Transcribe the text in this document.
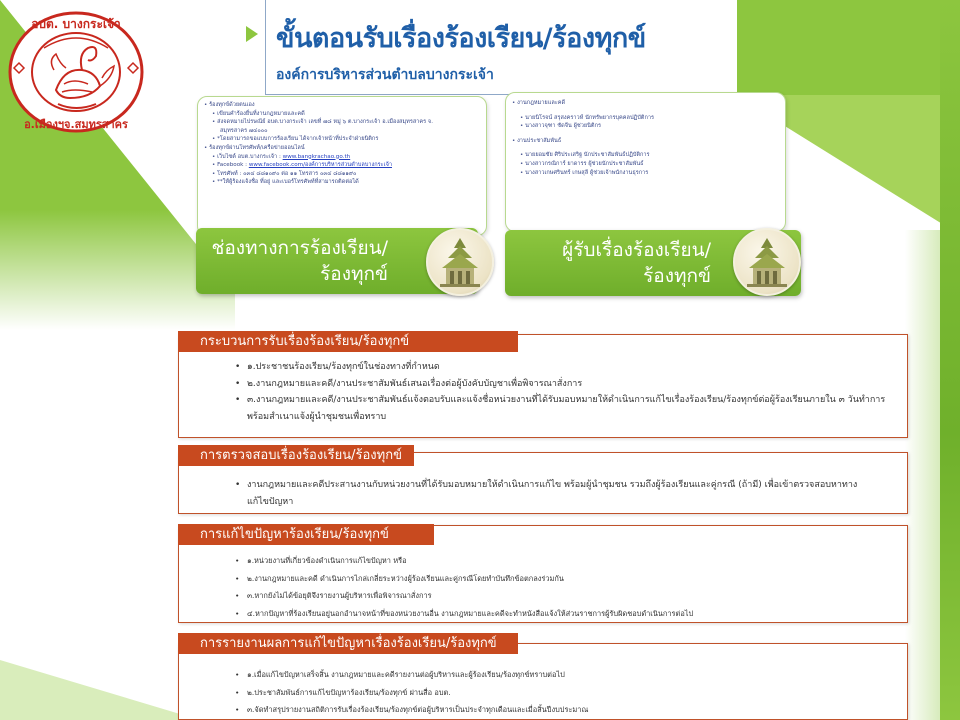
อบต. บางกระเจ้า
อ.เมืองฯจ.สมุทรสาคร
ขั้นตอนรับเรื่องร้องเรียน/ร้องทุกข์
องค์การบริหารส่วนตำบลบางกระเจ้า
• ร้องทุกข์ด้วยตนเอง
• เขียนคำร้องยื่นที่งานกฎหมายและคดี
• ส่งจดหมายไปรษณีย์ อบต.บางกระเจ้า เลขที่ ๗๘ หมู่ ๖ ต.บางกระเจ้า อ.เมืองสมุทรสาคร จ.
สมุทรสาคร ๗๔๐๐๐
• *โดยสามารถขอแบบการร้องเรียน ได้จากเจ้าหน้าที่ประจำฝ่ายนิติกร
• ร้องทุกข์ผ่านโทรศัพท์/เครือข่ายออนไลน์
• เว็บไซต์ อบต.บางกระเจ้า : www.bangkrachao.go.th
• Facebook : www.facebook.com/องค์การบริหารส่วนตำบลบางกระเจ้า
• โทรศัพท์ : ๐๓๔ ๘๘๑๐๙๐ ต่อ ๑๑ โทรสาร ๐๓๔ ๘๘๑๑๙๐
• **ให้ผู้ร้องแจ้งชื่อ ที่อยู่ และเบอร์โทรศัพท์ที่สามารถติดต่อได้
ช่องทางการร้องเรียน/
ร้องทุกข์
• งานกฎหมายและคดี
• นายนิโรจน์ สรุสงคราวห์ นักทรัพยากรบุคคลปฏิบัติการ
• นางสาวจุฑา ชัดจีน ผู้ช่วยนิติกร
• งานประชาสัมพันธ์
• นายยอมชัย ศิริประเสริฐ นักประชาสัมพันธ์ปฏิบัติการ
• นางสาวกรณิการ์ ยาดารร ผู้ช่วยนักประชาสัมพันธ์
• นางสาวเกษศรินทร์ เกษสุลี ผู้ช่วยเจ้าพนักงานธุรการ
ผู้รับเรื่องร้องเรียน/
ร้องทุกข์
• ๑.ประชาชนร้องเรียน/ร้องทุกข์ในช่องทางที่กำหนด
• ๒.งานกฎหมายและคดี/งานประชาสัมพันธ์เสนอเรื่องต่อผู้บังคับบัญชาเพื่อพิจารณาสั่งการ
• ๓.งานกฎหมายและคดี/งานประชาสัมพันธ์แจ้งตอบรับและแจ้งชื่อหน่วยงานที่ได้รับมอบหมายให้ดำเนินการแก้ไขเรื่องร้องเรียน/ร้องทุกข์ต่อผู้ร้องเรียนภายใน ๓ วันทำการ พร้อมสำเนาแจ้งผู้นำชุมชนเพื่อทราบ
กระบวนการรับเรื่องร้องเรียน/ร้องทุกข์
• งานกฎหมายและคดีประสานงานกับหน่วยงานที่ได้รับมอบหมายให้ดำเนินการแก้ไข พร้อมผู้นำชุมชน รวมถึงผู้ร้องเรียนและคู่กรณี (ถ้ามี) เพื่อเข้าตรวจสอบหาทางแก้ไขปัญหา
การตรวจสอบเรื่องร้องเรียน/ร้องทุกข์
• ๑.หน่วยงานที่เกี่ยวข้องดำเนินการแก้ไขปัญหา หรือ
• ๒.งานกฎหมายและคดี ดำเนินการไกล่เกลี่ยระหว่างผู้ร้องเรียนและคู่กรณีโดยทำบันทึกข้อตกลงร่วมกัน
• ๓.หากยังไม่ได้ข้อยุติจึงรายงานผู้บริหารเพื่อพิจารณาสั่งการ
• ๔.หากปัญหาที่ร้องเรียนอยู่นอกอำนาจหน้าที่ของหน่วยงานอื่น งานกฎหมายและคดีจะทำหนังสือแจ้งให้ส่วนราชการผู้รับผิดชอบดำเนินการต่อไป
การแก้ไขปัญหาร้องเรียน/ร้องทุกข์
• ๑.เมื่อแก้ไขปัญหาเสร็จสิ้น งานกฎหมายและคดีรายงานต่อผู้บริหารและผู้ร้องเรียน/ร้องทุกข์ทราบต่อไป
• ๒.ประชาสัมพันธ์การแก้ไขปัญหาร้องเรียน/ร้องทุกข์ ผ่านสื่อ อบต.
• ๓.จัดทำสรุปรายงานสถิติการรับเรื่องร้องเรียน/ร้องทุกข์ต่อผู้บริหารเป็นประจำทุกเดือนและเมื่อสิ้นปีงบประมาณ
การรายงานผลการแก้ไขปัญหาเรื่องร้องเรียน/ร้องทุกข์
